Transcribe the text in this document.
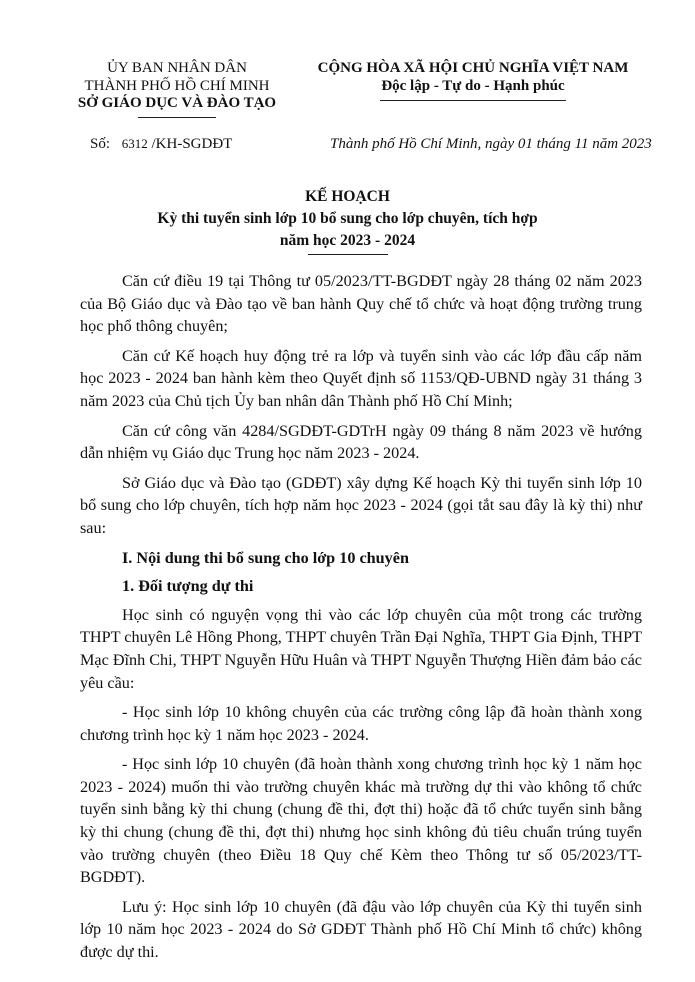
ỦY BAN NHÂN DÂN
THÀNH PHỐ HỒ CHÍ MINH
SỞ GIÁO DỤC VÀ ĐÀO TẠO
CỘNG HÒA XÃ HỘI CHỦ NGHĨA VIỆT NAM
Độc lập - Tự do - Hạnh phúc
Số: 6312 /KH-SGDĐT	Thành phố Hồ Chí Minh, ngày 01 tháng 11 năm 2023
KẾ HOẠCH
Kỳ thi tuyển sinh lớp 10 bổ sung cho lớp chuyên, tích hợp
năm học 2023 - 2024

Căn cứ điều 19 tại Thông tư 05/2023/TT-BGDĐT ngày 28 tháng 02 năm 2023 của Bộ Giáo dục và Đào tạo về ban hành Quy chế tổ chức và hoạt động trường trung học phổ thông chuyên;

Căn cứ Kế hoạch huy động trẻ ra lớp và tuyển sinh vào các lớp đầu cấp năm học 2023 - 2024 ban hành kèm theo Quyết định số 1153/QĐ-UBND ngày 31 tháng 3 năm 2023 của Chủ tịch Ủy ban nhân dân Thành phố Hồ Chí Minh;

Căn cứ công văn 4284/SGDĐT-GDTrH ngày 09 tháng 8 năm 2023 về hướng dẫn nhiệm vụ Giáo dục Trung học năm 2023 - 2024.

Sở Giáo dục và Đào tạo (GDĐT) xây dựng Kế hoạch Kỳ thi tuyển sinh lớp 10 bổ sung cho lớp chuyên, tích hợp năm học 2023 - 2024 (gọi tắt sau đây là kỳ thi) như sau:

I. Nội dung thi bổ sung cho lớp 10 chuyên

1. Đối tượng dự thi

Học sinh có nguyện vọng thi vào các lớp chuyên của một trong các trường THPT chuyên Lê Hồng Phong, THPT chuyên Trần Đại Nghĩa, THPT Gia Định, THPT Mạc Đĩnh Chi, THPT Nguyễn Hữu Huân và THPT Nguyễn Thượng Hiền đảm bảo các yêu cầu:

- Học sinh lớp 10 không chuyên của các trường công lập đã hoàn thành xong chương trình học kỳ 1 năm học 2023 - 2024.

- Học sinh lớp 10 chuyên (đã hoàn thành xong chương trình học kỳ 1 năm học 2023 - 2024) muốn thi vào trường chuyên khác mà trường dự thi vào không tổ chức tuyển sinh bằng kỳ thi chung (chung đề thi, đợt thi) hoặc đã tổ chức tuyển sinh bằng kỳ thi chung (chung đề thi, đợt thi) nhưng học sinh không đủ tiêu chuẩn trúng tuyển vào trường chuyên (theo Điều 18 Quy chế Kèm theo Thông tư số 05/2023/TT-BGDĐT).

Lưu ý: Học sinh lớp 10 chuyên (đã đậu vào lớp chuyên của Kỳ thi tuyển sinh lớp 10 năm học 2023 - 2024 do Sở GDĐT Thành phố Hồ Chí Minh tổ chức) không được dự thi.
